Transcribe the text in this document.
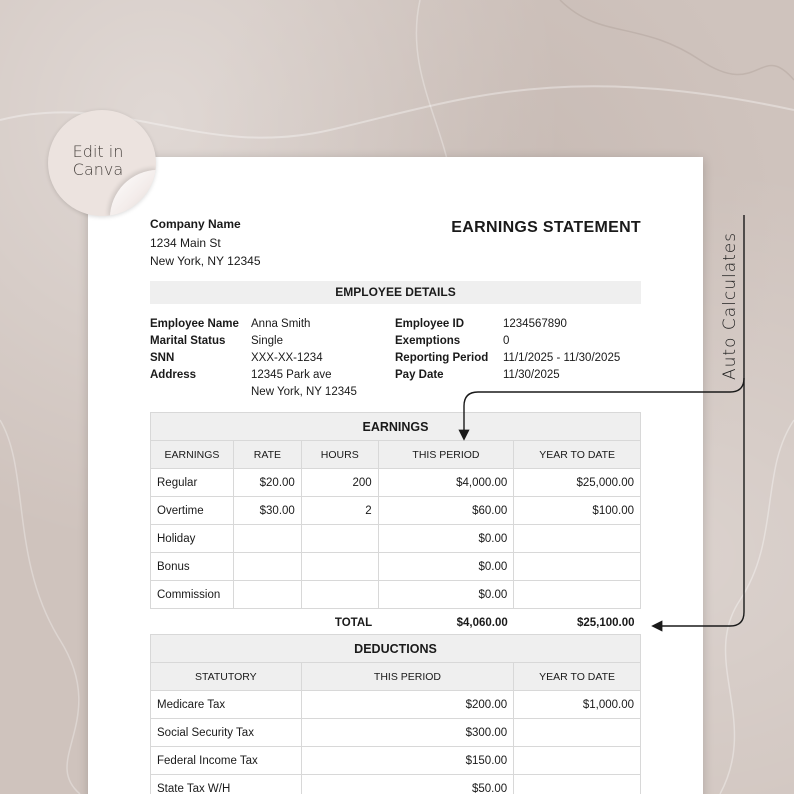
Company Name
1234 Main St
New York, NY 12345
EARNINGS STATEMENT
EMPLOYEE DETAILS
Employee Name Anna Smith
Marital Status Single
SNN	XXX-XX-1234
Address	12345 Park ave
New York, NY 12345
Employee ID	1234567890
Exemptions	0
Reporting Period 11/1/2025 - 11/30/2025
Pay Date	11/30/2025
EARNINGS				
EARNINGS	RATE	HOURS	THIS PERIOD	YEAR TO DATE
Regular	$20.00	200	$4,000.00	$25,000.00
Overtime	$30.00	2	$60.00	$100.00
Holiday			$0.00	
Bonus			$0.00	
Commission			$0.00	
		TOTAL	$4,060.00	$25,100.00
DEDUCTIONS		
STATUTORY	THIS PERIOD	YEAR TO DATE
Medicare Tax	$200.00	$1,000.00
Social Security Tax	$300.00	
Federal Income Tax	$150.00	
State Tax W/H	$50.00	
Edit in
Canva
Auto Calculates
